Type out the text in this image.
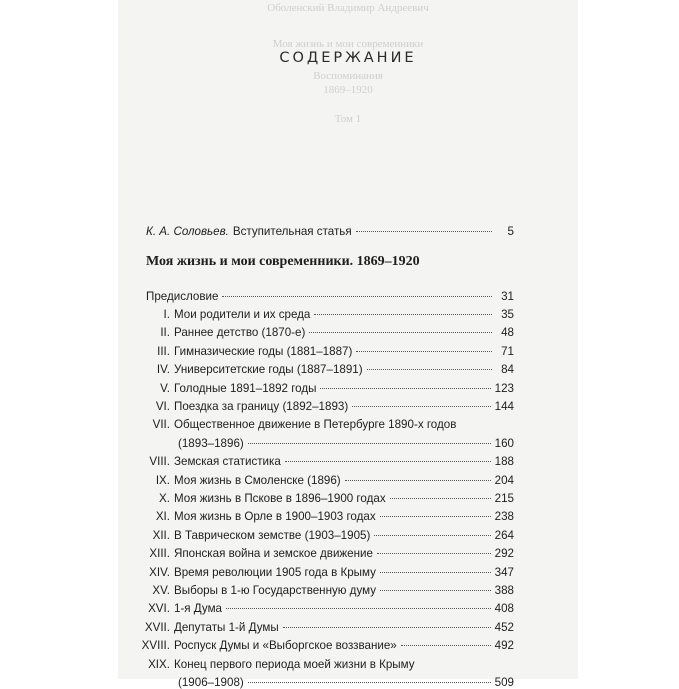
Оболенский Владимир Андреевич
Моя жизнь и мои современники
Воспоминания
1869–1920
Том 1
СОДЕРЖАНИЕ
К. А. Соловьев. Вступительная статья	5
Моя жизнь и мои современники. 1869–1920
Предисловие	31
I. Мои родители и их среда	35
II. Раннее детство (1870-е)	48
III. Гимназические годы (1881–1887)	71
IV. Университетские годы (1887–1891)	84
V. Голодные 1891–1892 годы	123
VI. Поездка за границу (1892–1893)	144
VII. Общественное движение в Петербурге 1890-х годов
(1893–1896)	160
VIII. Земская статистика	188
IX. Моя жизнь в Смоленске (1896)	204
X. Моя жизнь в Пскове в 1896–1900 годах	215
XI. Моя жизнь в Орле в 1900–1903 годах	238
XII. В Таврическом земстве (1903–1905)	264
XIII. Японская война и земское движение	292
XIV. Время революции 1905 года в Крыму	347
XV. Выборы в 1-ю Государственную думу	388
XVI. 1-я Дума	408
XVII. Депутаты 1-й Думы	452
XVIII. Роспуск Думы и «Выборгское воззвание»	492
XIX. Конец первого периода моей жизни в Крыму
(1906–1908)	509
